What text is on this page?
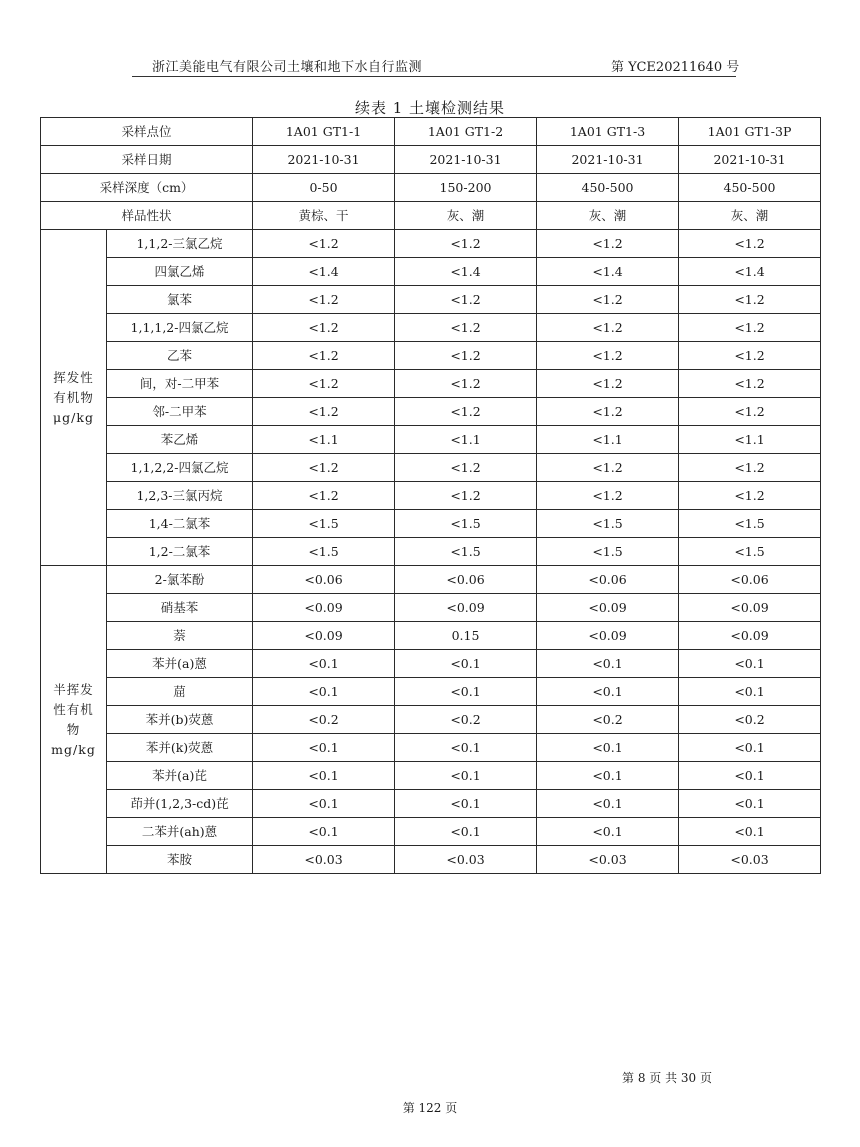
浙江美能电气有限公司土壤和地下水自行监测	第 YCE20211640 号
续表 1 土壤检测结果
采样点位		1A01 GT1-1	1A01 GT1-2	1A01 GT1-3	1A01 GT1-3P
采样日期		2021-10-31	2021-10-31	2021-10-31	2021-10-31
采样深度（cm）		0-50	150-200	450-500	450-500
样品性状		黄棕、干	灰、潮	灰、潮	灰、潮

挥发性
有机物
μg/kg	1,1,2-三氯乙烷	<1.2	<1.2	<1.2	<1.2
	四氯乙烯	<1.4	<1.4	<1.4	<1.4
	氯苯	<1.2	<1.2	<1.2	<1.2
	1,1,1,2-四氯乙烷	<1.2	<1.2	<1.2	<1.2
	乙苯	<1.2	<1.2	<1.2	<1.2
	间，对-二甲苯	<1.2	<1.2	<1.2	<1.2
	邻-二甲苯	<1.2	<1.2	<1.2	<1.2
	苯乙烯	<1.1	<1.1	<1.1	<1.1
	1,1,2,2-四氯乙烷	<1.2	<1.2	<1.2	<1.2
	1,2,3-三氯丙烷	<1.2	<1.2	<1.2	<1.2
	1,4-二氯苯	<1.5	<1.5	<1.5	<1.5
	1,2-二氯苯	<1.5	<1.5	<1.5	<1.5

半挥发
性有机
物
mg/kg	2-氯苯酚	<0.06	<0.06	<0.06	<0.06
	硝基苯	<0.09	<0.09	<0.09	<0.09
	萘	<0.09	0.15	<0.09	<0.09
	苯并(a)蒽	<0.1	<0.1	<0.1	<0.1
	䓛	<0.1	<0.1	<0.1	<0.1
	苯并(b)荧蒽	<0.2	<0.2	<0.2	<0.2
	苯并(k)荧蒽	<0.1	<0.1	<0.1	<0.1
	苯并(a)芘	<0.1	<0.1	<0.1	<0.1
	茚并(1,2,3-cd)芘	<0.1	<0.1	<0.1	<0.1
	二苯并(ah)蒽	<0.1	<0.1	<0.1	<0.1
	苯胺	<0.03	<0.03	<0.03	<0.03
第 8 页 共 30 页
第 122 页
